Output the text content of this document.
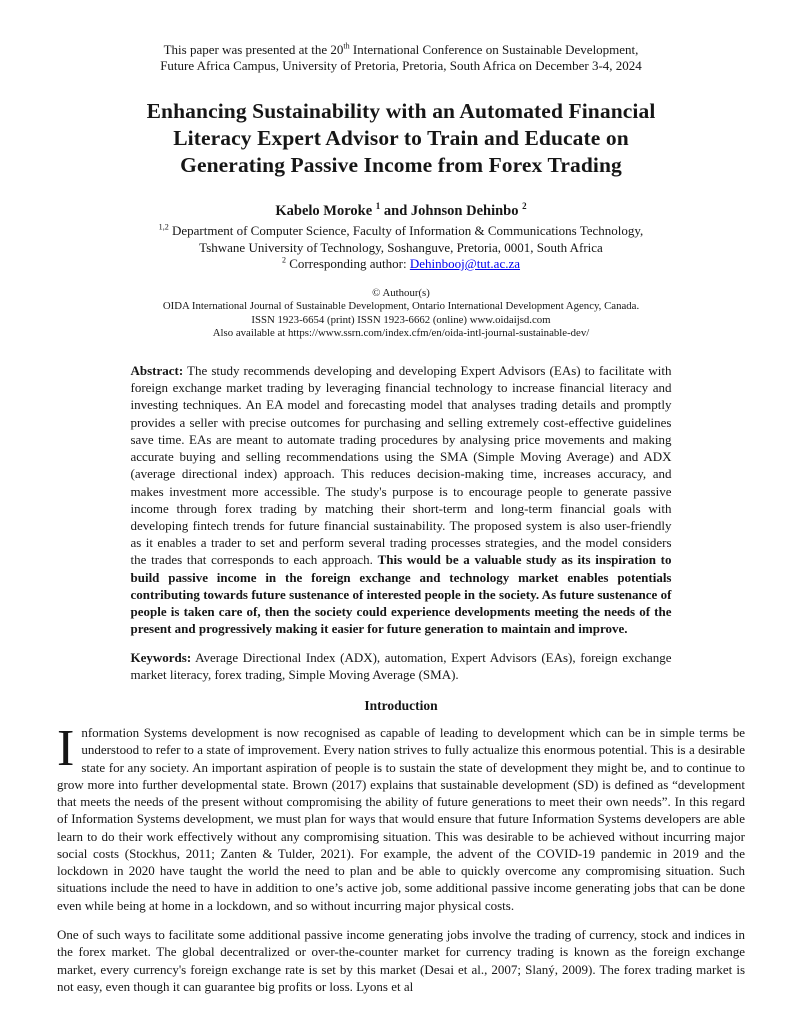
This paper was presented at the 20th International Conference on Sustainable Development,
Future Africa Campus, University of Pretoria, Pretoria, South Africa on December 3-4, 2024
Enhancing Sustainability with an Automated Financial
Literacy Expert Advisor to Train and Educate on
Generating Passive Income from Forex Trading
Kabelo Moroke $^1$ and Johnson Dehinbo $^2$
$^{1,2}$ Department of Computer Science, Faculty of Information & Communications Technology,
Tshwane University of Technology, Soshanguve, Pretoria, 0001, South Africa
$^2$ Corresponding author: Dehinbooj@tut.ac.za
© Authour(s)
OIDA International Journal of Sustainable Development, Ontario International Development Agency, Canada.
ISSN 1923-6654 (print) ISSN 1923-6662 (online) www.oidaijsd.com
Also available at https://www.ssrn.com/index.cfm/en/oida-intl-journal-sustainable-dev/
Abstract: The study recommends developing and developing Expert Advisors (EAs) to facilitate with foreign exchange market trading by leveraging financial technology to increase financial literacy and investing techniques. An EA model and forecasting model that analyses trading details and promptly provides a seller with precise outcomes for purchasing and selling extremely cost-effective guidelines save time. EAs are meant to automate trading procedures by analysing price movements and making accurate buying and selling recommendations using the SMA (Simple Moving Average) and ADX (average directional index) approach. This reduces decision-making time, increases accuracy, and makes investment more accessible. The study's purpose is to encourage people to generate passive income through forex trading by matching their short-term and long-term financial goals with developing fintech trends for future financial sustainability. The proposed system is also user-friendly as it enables a trader to set and perform several trading processes strategies, and the model considers the trades that corresponds to each approach. This would be a valuable study as its inspiration to build passive income in the foreign exchange and technology market enables potentials contributing towards future sustenance of interested people in the society. As future sustenance of people is taken care of, then the society could experience developments meeting the needs of the present and progressively making it easier for future generation to maintain and improve.
Keywords: Average Directional Index (ADX), automation, Expert Advisors (EAs), foreign exchange market literacy, forex trading, Simple Moving Average (SMA).
Introduction

Information Systems development is now recognised as capable of leading to development which can be in simple terms be understood to refer to a state of improvement. Every nation strives to fully actualize this enormous potential. This is a desirable state for any society. An important aspiration of people is to sustain the state of development they might be, and to continue to grow more into further developmental state. Brown (2017) explains that sustainable development (SD) is defined as “development that meets the needs of the present without compromising the ability of future generations to meet their own needs”. In this regard of Information Systems development, we must plan for ways that would ensure that future Information Systems developers are able learn to do their work effectively without any compromising situation. This was desirable to be achieved without incurring major social costs (Stockhus, 2011; Zanten & Tulder, 2021). For example, the advent of the COVID-19 pandemic in 2019 and the lockdown in 2020 have taught the world the need to plan and be able to quickly overcome any compromising situation. Such situations include the need to have in addition to one’s active job, some additional passive income generating jobs that can be done even while being at home in a lockdown, and so without incurring major physical costs.

One of such ways to facilitate some additional passive income generating jobs involve the trading of currency, stock and indices in the forex market. The global decentralized or over-the-counter market for currency trading is known as the foreign exchange market, every currency's foreign exchange rate is set by this market (Desai et al., 2007; Slaný, 2009). The forex trading market is not easy, even though it can guarantee big profits or loss. Lyons et al
